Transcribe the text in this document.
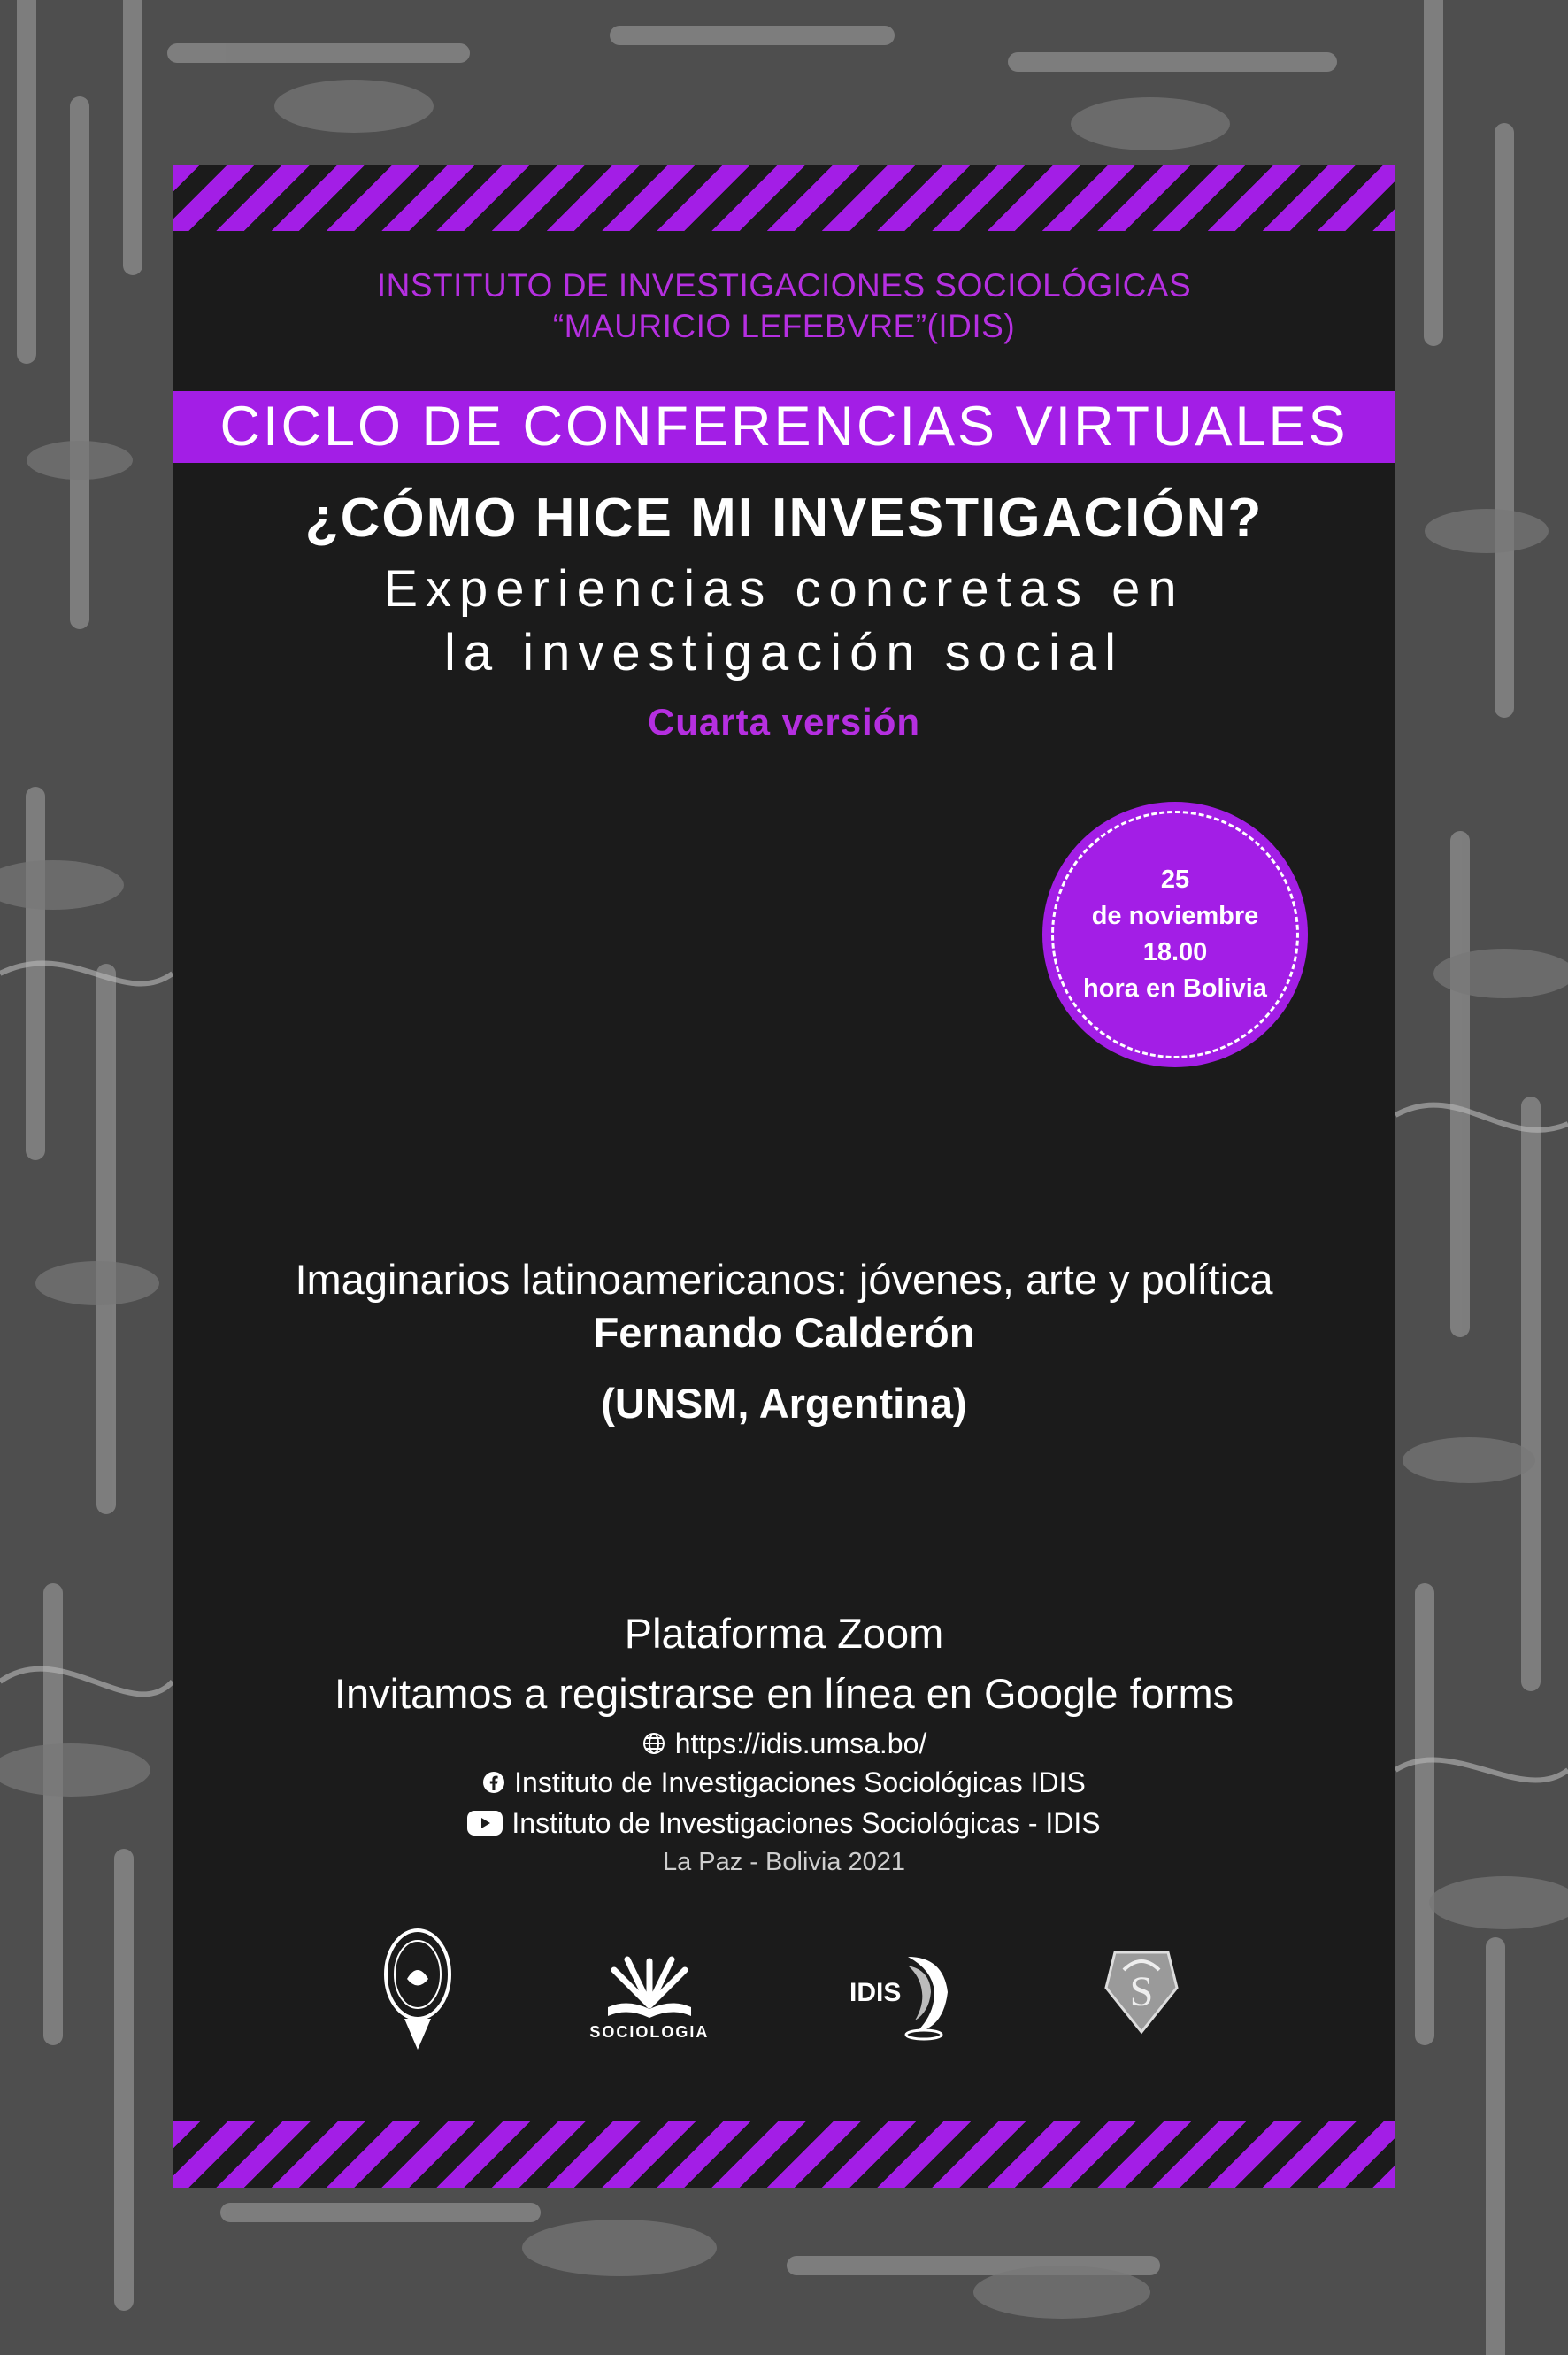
INSTITUTO DE INVESTIGACIONES SOCIOLÓGICAS
“MAURICIO LEFEBVRE”(IDIS)
CICLO DE CONFERENCIAS VIRTUALES
¿CÓMO HICE MI INVESTIGACIÓN?
Experiencias concretas en
la investigación social
Cuarta versión
25
de noviembre
18.00
hora en Bolivia
Imaginarios latinoamericanos: jóvenes, arte y política
Fernando Calderón
(UNSM, Argentina)
Plataforma Zoom
Invitamos a registrarse en línea en Google forms
https://idis.umsa.bo/
Instituto de Investigaciones Sociológicas IDIS
Instituto de Investigaciones Sociológicas - IDIS
La Paz - Bolivia 2021
SOCIOLOGIA
IDIS	S
